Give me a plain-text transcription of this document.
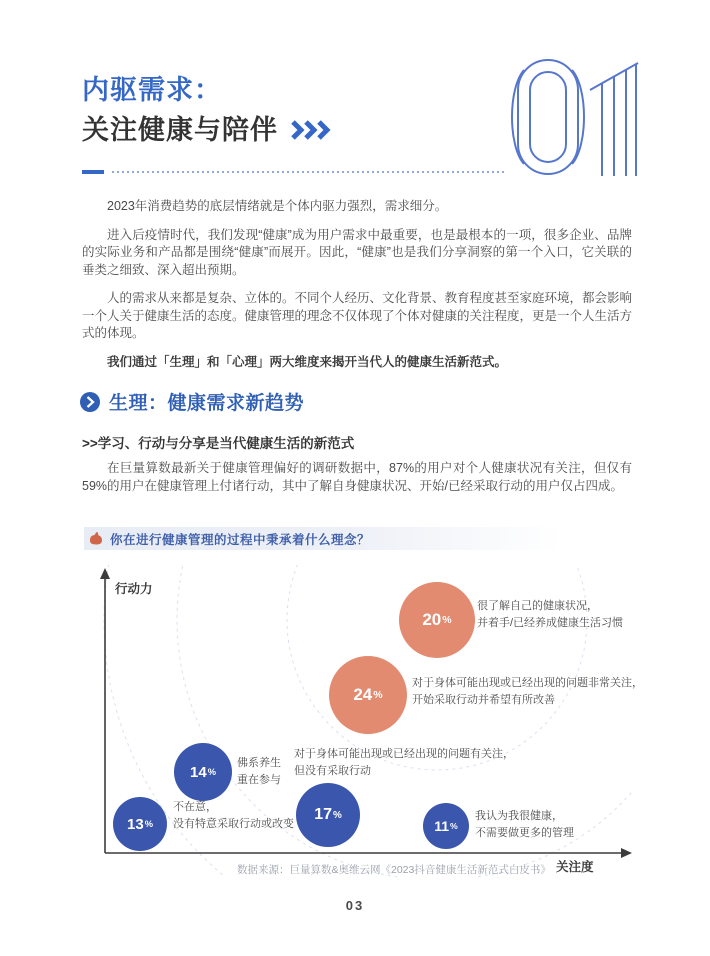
内驱需求：
关注健康与陪伴

2023年消费趋势的底层情绪就是个体内驱力强烈，需求细分。

进入后疫情时代，我们发现“健康”成为用户需求中最重要，也是最根本的一项，很多企业、品牌的实际业务和产品都是围绕“健康”而展开。因此，“健康”也是我们分享洞察的第一个入口，它关联的垂类之细致、深入超出预期。

人的需求从来都是复杂、立体的。不同个人经历、文化背景、教育程度甚至家庭环境，都会影响一个人关于健康生活的态度。健康管理的理念不仅体现了个体对健康的关注程度，更是一个人生活方式的体现。

我们通过「生理」和「心理」两大维度来揭开当代人的健康生活新范式。

生理：健康需求新趋势
>>学习、行动与分享是当代健康生活的新范式

在巨量算数最新关于健康管理偏好的调研数据中，87%的用户对个人健康状况有关注，但仅有59%的用户在健康管理上付诸行动，其中了解自身健康状况、开始/已经采取行动的用户仅占四成。

你在进行健康管理的过程中秉承着什么理念？
行动力
关注度
20 %
24 %
14 %
17 %
13 %	11 %
很了解自己的健康状况，
并着手/已经养成健康生活习惯
对于身体可能出现或已经出现的问题非常关注，
开始采取行动并希望有所改善
佛系养生
重在参与
对于身体可能出现或已经出现的问题有关注，
但没有采取行动
不在意，
没有特意采取行动或改变
我认为我很健康，
不需要做更多的管理
数据来源：巨量算数&奥维云网《2023抖音健康生活新范式白皮书》
03
